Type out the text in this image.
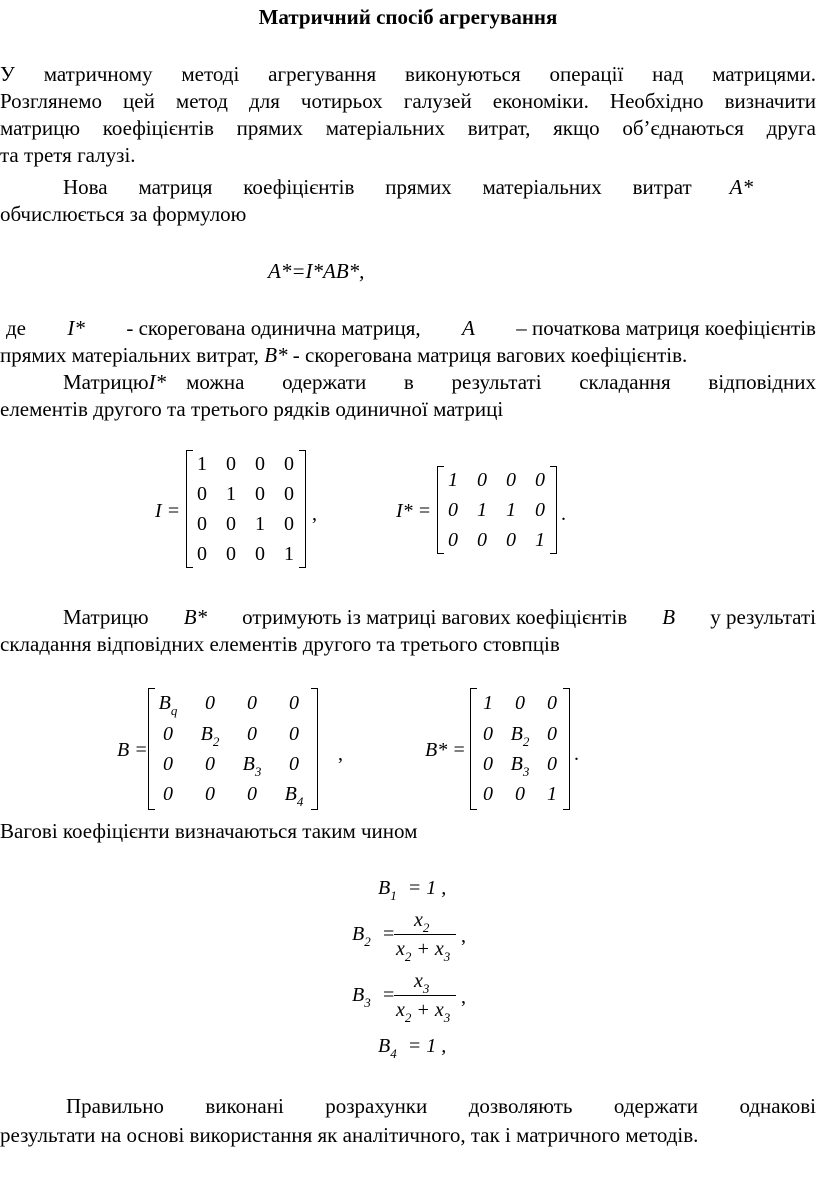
Матричний спосіб агрегування

У матричному методі агрегування виконуються операції над матрицями.

Розглянемо цей метод для чотирьох галузей економіки. Необхідно визначити

матрицю коефіцієнтів прямих матеріальних витрат, якщо об’єднаються друга

та третя галузі.

Нова матриця коефіцієнтів прямих матеріальних витрат A*

обчислюється за формулою

A*=I*AB*,

де I* - скорегована одинична матриця, A – початкова матриця коефіцієнтів

прямих матеріальних витрат, B* - скорегована матриця вагових коефіцієнтів.

Матрицю I* можна одержати в результаті складання відповідних

елементів другого та третього рядків одиничної матриці

I =
1 0 0 0
0 1 0 0
0 0 1 0
0 0 0 1
,	I* =
1 0 0 0
0 1 1 0
0 0 0 1
.
Матрицю B* отримують із матриці вагових коефіцієнтів B у результаті

складання відповідних елементів другого та третього стовпців

B =
$B_q$	0	0	0
0	$B_2$	0	0
0	0	$B_3$	0
0	0	0	$B_4$
,	B* =
1	0	0
0 $B_2$ 0
0 $B_3$ 0
0	0	1
.

Вагові коефіцієнти визначаються таким чином

$B_1 = 1$ ,
$B_2$ =
$x_2$
$x_2 + x_3$
,
$B_3$ =
$x_3$
$x_2 + x_3$
,
$B_4 = 1$ ,
Правильно виконані розрахунки дозволяють одержати однакові

результати на основі використання як аналітичного, так і матричного методів.
